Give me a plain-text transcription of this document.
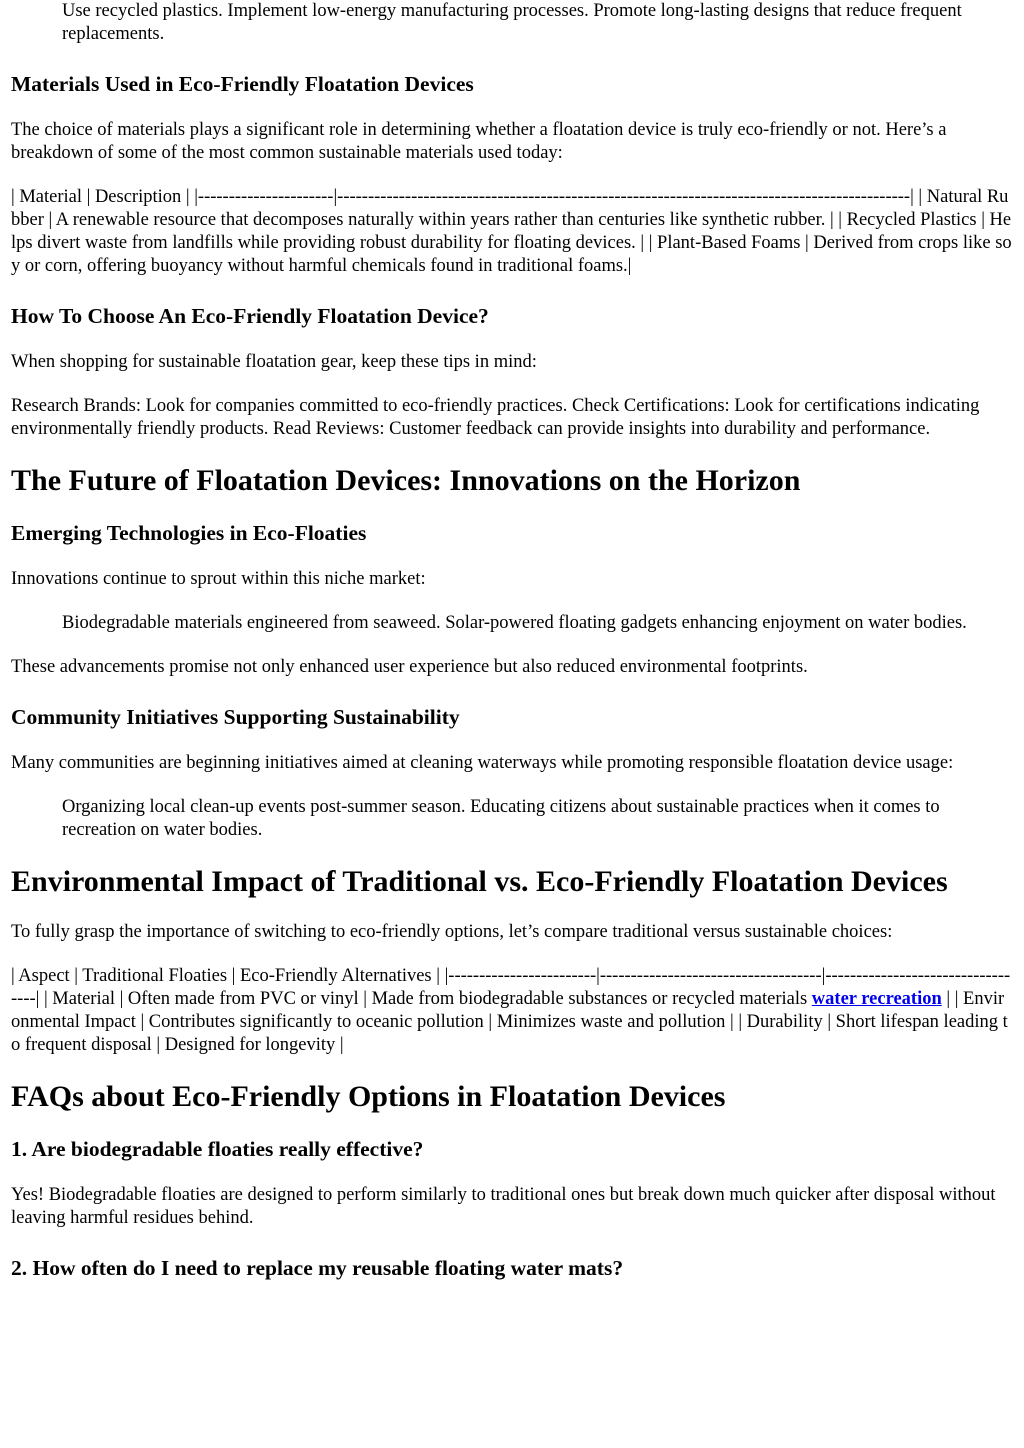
Use recycled plastics. Implement low-energy manufacturing processes. Promote long-lasting designs that reduce frequent replacements.
Materials Used in Eco-Friendly Floatation Devices

The choice of materials plays a significant role in determining whether a floatation device is truly eco-friendly or not. Here’s a breakdown of some of the most common sustainable materials used today:

| Material | Description | |----------------------|---------------------------------------------------------------------------------------------| | Natural Rubber | A renewable resource that decomposes naturally within years rather than centuries like synthetic rubber. | | Recycled Plastics | Helps divert waste from landfills while providing robust durability for floating devices. | | Plant-Based Foams | Derived from crops like soy or corn, offering buoyancy without harmful chemicals found in traditional foams.|

How To Choose An Eco-Friendly Floatation Device?

When shopping for sustainable floatation gear, keep these tips in mind:

Research Brands: Look for companies committed to eco-friendly practices. Check Certifications: Look for certifications indicating environmentally friendly products. Read Reviews: Customer feedback can provide insights into durability and performance.

The Future of Floatation Devices: Innovations on the Horizon
Emerging Technologies in Eco-Floaties

Innovations continue to sprout within this niche market:

Biodegradable materials engineered from seaweed. Solar-powered floating gadgets enhancing enjoyment on water bodies.

These advancements promise not only enhanced user experience but also reduced environmental footprints.

Community Initiatives Supporting Sustainability

Many communities are beginning initiatives aimed at cleaning waterways while promoting responsible floatation device usage:

Organizing local clean-up events post-summer season. Educating citizens about sustainable practices when it comes to recreation on water bodies.
Environmental Impact of Traditional vs. Eco-Friendly Floatation Devices

To fully grasp the importance of switching to eco-friendly options, let’s compare traditional versus sustainable choices:

| Aspect | Traditional Floaties | Eco-Friendly Alternatives | |------------------------|------------------------------------|----------------------------------| | Material | Often made from PVC or vinyl | Made from biodegradable substances or recycled materials water recreation | | Environmental Impact | Contributes significantly to oceanic pollution | Minimizes waste and pollution | | Durability | Short lifespan leading to frequent disposal | Designed for longevity |

FAQs about Eco-Friendly Options in Floatation Devices
1. Are biodegradable floaties really effective?

Yes! Biodegradable floaties are designed to perform similarly to traditional ones but break down much quicker after disposal without leaving harmful residues behind.

2. How often do I need to replace my reusable floating water mats?
